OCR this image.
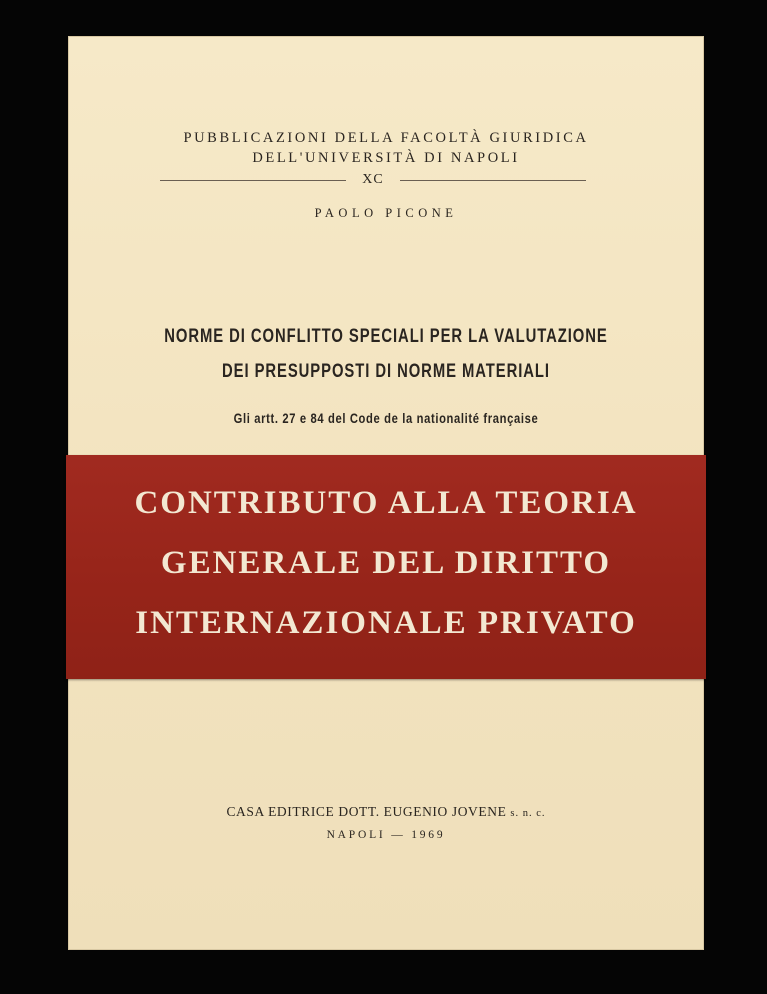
PUBBLICAZIONI DELLA FACOLTÀ GIURIDICA
DELL'UNIVERSITÀ DI NAPOLI
XC
PAOLO PICONE
NORME DI CONFLITTO SPECIALI PER LA VALUTAZIONE
DEI PRESUPPOSTI DI NORME MATERIALI
Gli artt. 27 e 84 del Code de la nationalité française
CASA EDITRICE DOTT. EUGENIO JOVENE s. n. c.
NAPOLI — 1969
CONTRIBUTO ALLA TEORIA
GENERALE DEL DIRITTO
INTERNAZIONALE PRIVATO
